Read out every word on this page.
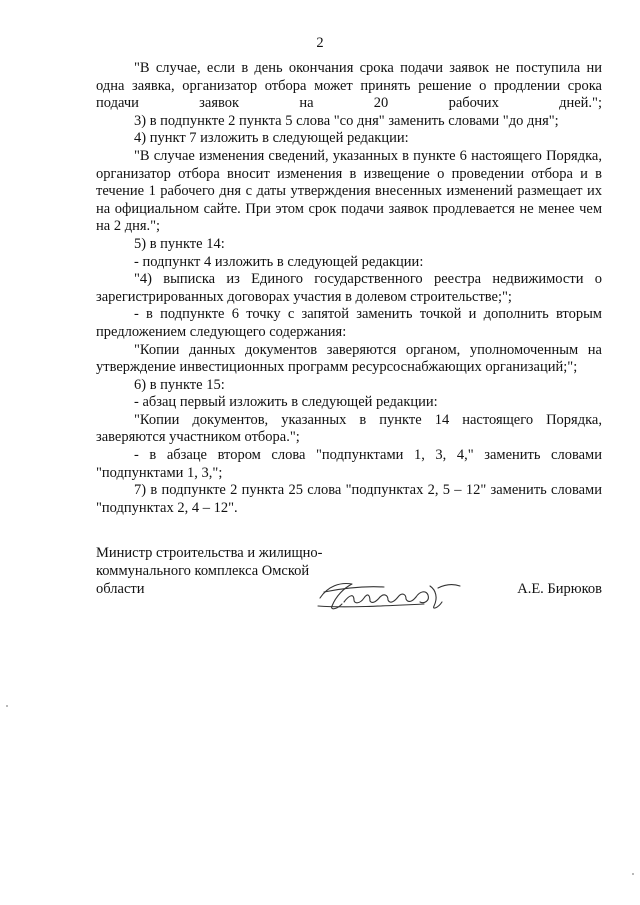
2

"В случае, если в день окончания срока подачи заявок не поступила ни одна заявка, организатор отбора может принять решение о продлении срока подачи заявок на 20 рабочих дней.";

3) в подпункте 2 пункта 5 слова "со дня" заменить словами "до дня";

4) пункт 7 изложить в следующей редакции:

"В случае изменения сведений, указанных в пункте 6 настоящего Порядка, организатор отбора вносит изменения в извещение о проведении отбора и в течение 1 рабочего дня с даты утверждения внесенных изменений размещает их на официальном сайте. При этом срок подачи заявок продлевается не менее чем на 2 дня.";

5) в пункте 14:

- подпункт 4 изложить в следующей редакции:

"4) выписка из Единого государственного реестра недвижимости о зарегистрированных договорах участия в долевом строительстве;";

- в подпункте 6 точку с запятой заменить точкой и дополнить вторым предложением следующего содержания:

"Копии данных документов заверяются органом, уполномоченным на утверждение инвестиционных программ ресурсоснабжающих организаций;";

6) в пункте 15:

- абзац первый изложить в следующей редакции:

"Копии документов, указанных в пункте 14 настоящего Порядка, заверяются участником отбора.";

- в абзаце втором слова "подпунктами 1, 3, 4," заменить словами "подпунктами 1, 3,";

7) в подпункте 2 пункта 25 слова "подпунктах 2, 5 – 12" заменить словами "подпунктах 2, 4 – 12".

Министр строительства и жилищно-
коммунального комплекса Омской
области	А.Е. Бирюков
